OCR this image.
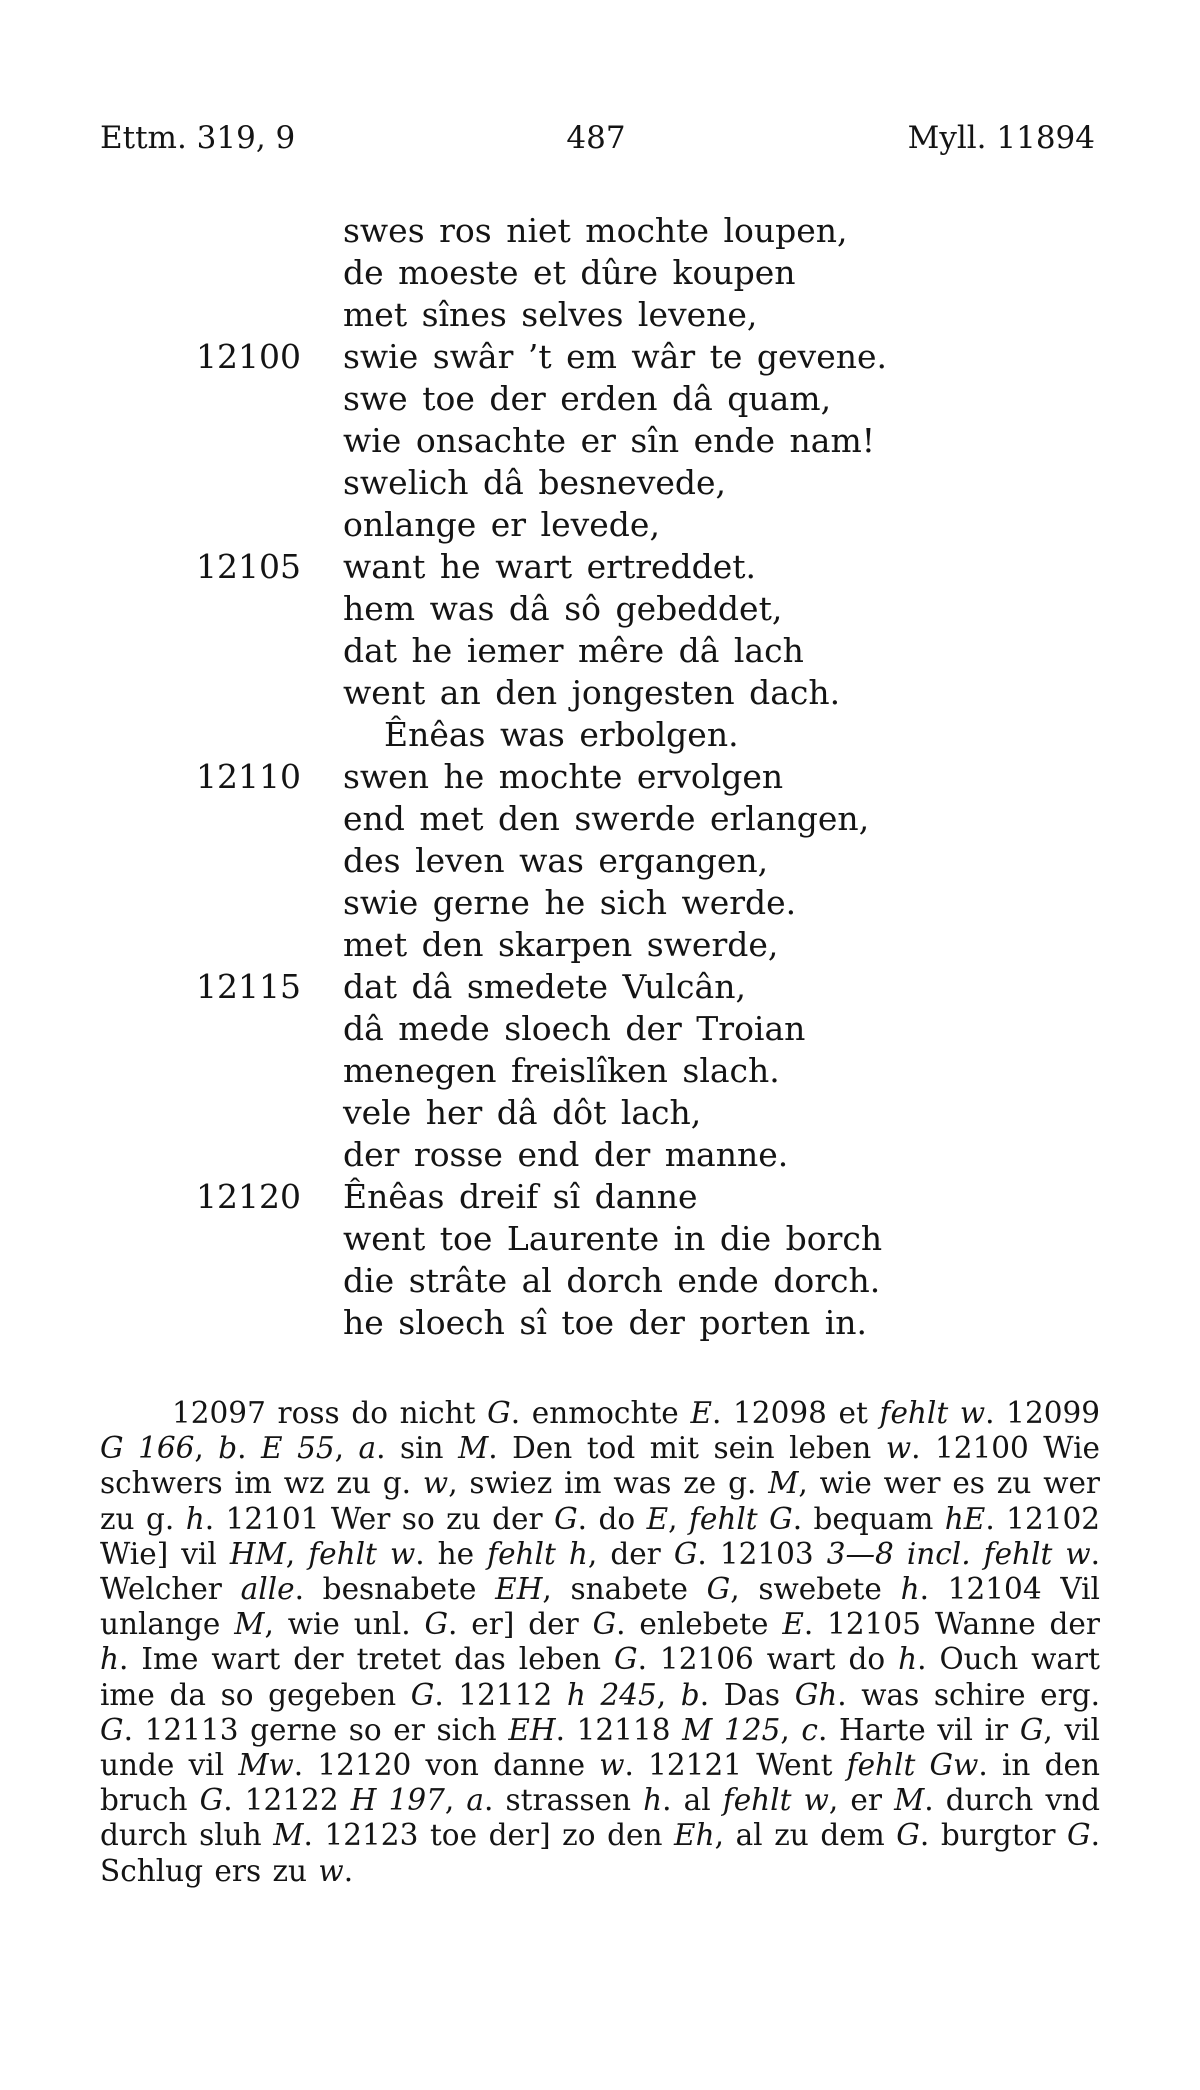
Ettm. 319, 9	487	Myll. 11894
swes ros niet mochte loupen,
de moeste et dûre koupen
met sînes selves levene,
12100 swie swâr ’t em wâr te gevene.
swe toe der erden dâ quam,
wie onsachte er sîn ende nam!
swelich dâ besnevede,
onlange er levede,
12105 want he wart ertreddet.
hem was dâ sô gebeddet,
dat he iemer mêre dâ lach
went an den jongesten dach.
Ênêas was erbolgen.
12110 swen he mochte ervolgen
end met den swerde erlangen,
des leven was ergangen,
swie gerne he sich werde.
met den skarpen swerde,
12115 dat dâ smedete Vulcân,
dâ mede sloech der Troian
menegen freislîken slach.
vele her dâ dôt lach,
der rosse end der manne.
12120 Ênêas dreif sî danne
went toe Laurente in die borch
die strâte al dorch ende dorch.
he sloech sî toe der porten in.

12097 ross do nicht G. enmochte E. 12098 et fehlt w. 12099 G 166, b. E 55, a. sin M. Den tod mit sein leben w. 12100 Wie schwers im wz zu g. w, swiez im was ze g. M, wie wer es zu wer zu g. h. 12101 Wer so zu der G. do E, fehlt G. bequam hE. 12102 Wie] vil HM, fehlt w. he fehlt h, der G. 12103 3—8 incl. fehlt w. Welcher alle. besnabete EH, snabete G, swebete h. 12104 Vil unlange M, wie unl. G. er] der G. enlebete E. 12105 Wanne der h. Ime wart der tretet das leben G. 12106 wart do h. Ouch wart ime da so gegeben G. 12112 h 245, b. Das Gh. was schire erg. G. 12113 gerne so er sich EH. 12118 M 125, c. Harte vil ir G, vil unde vil Mw. 12120 von danne w. 12121 Went fehlt Gw. in den bruch G. 12122 H 197, a. strassen h. al fehlt w, er M. durch vnd durch sluh M. 12123 toe der] zo den Eh, al zu dem G. burgtor G. Schlug ers zu w.
